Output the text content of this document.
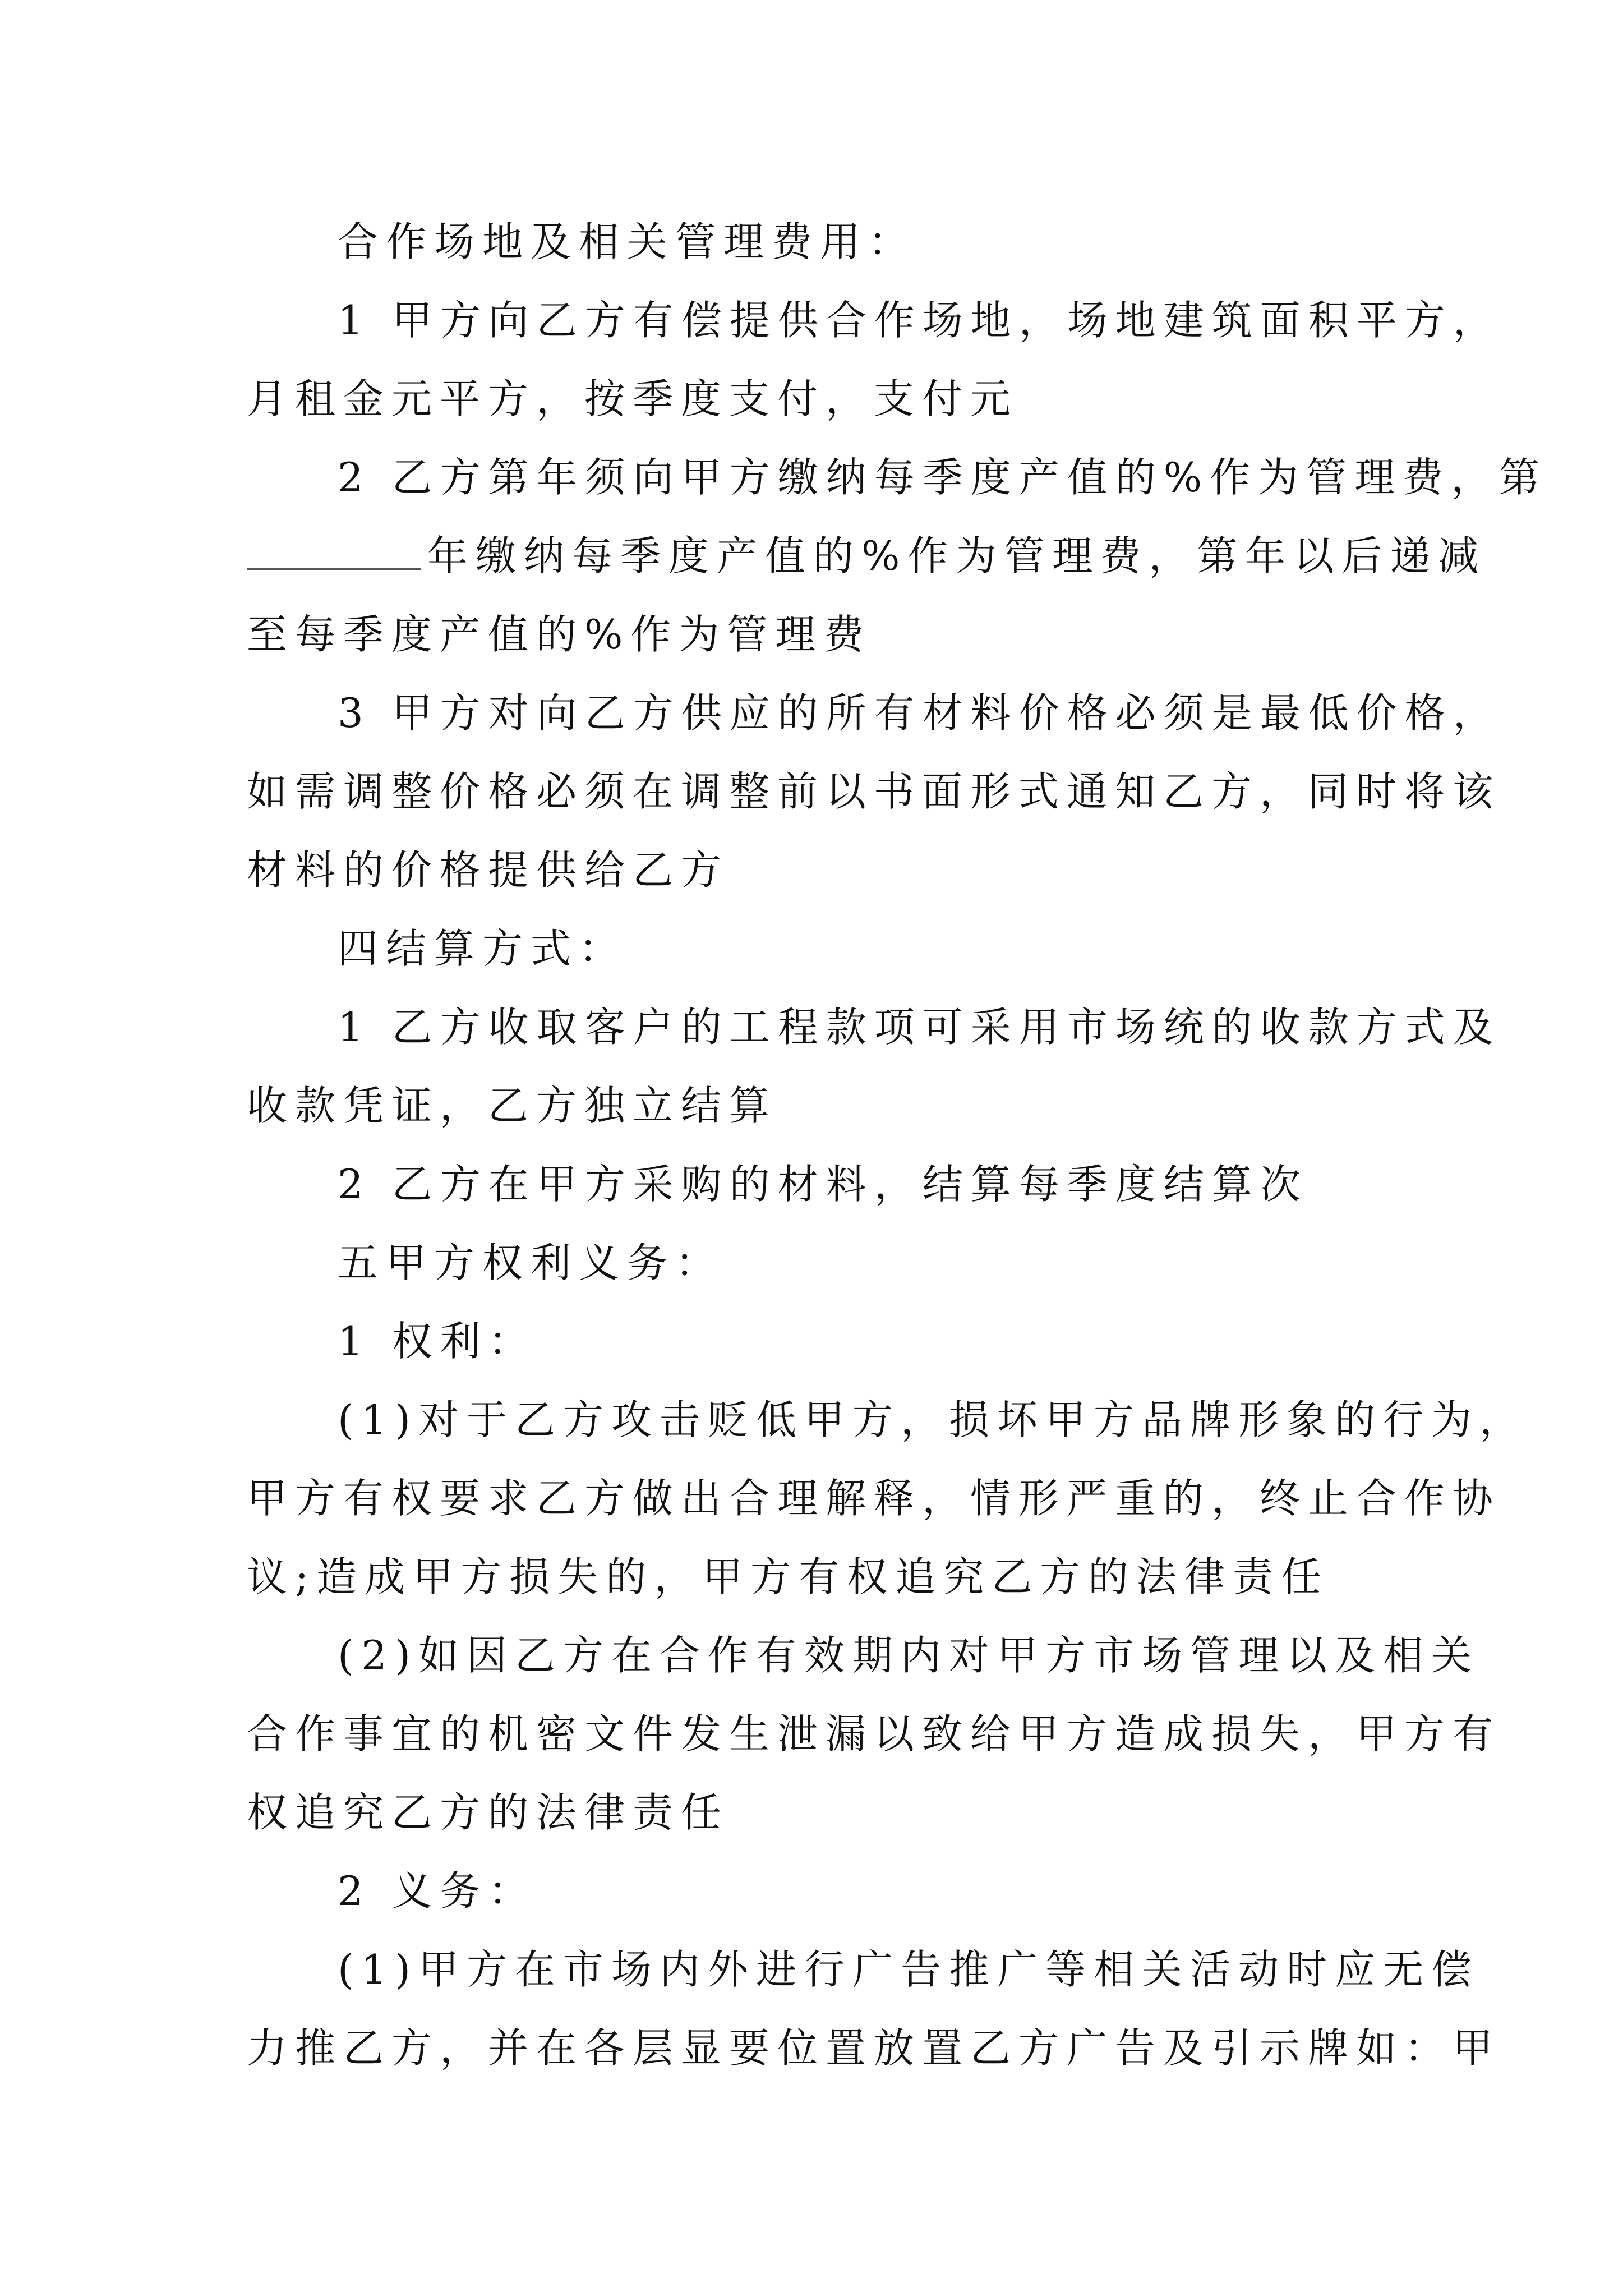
合作场地及相关管理费用：
1 甲方向乙方有偿提供合作场地，场地建筑面积平方，
月租金元平方，按季度支付，支付元
2 乙方第年须向甲方缴纳每季度产值的%作为管理费，第
年缴纳每季度产值的%作为管理费，第年以后递减
至每季度产值的%作为管理费
3 甲方对向乙方供应的所有材料价格必须是最低价格，
如需调整价格必须在调整前以书面形式通知乙方，同时将该
材料的价格提供给乙方
四结算方式：
1 乙方收取客户的工程款项可采用市场统的收款方式及
收款凭证，乙方独立结算
2 乙方在甲方采购的材料，结算每季度结算次
五甲方权利义务：
1 权利：
(1)对于乙方攻击贬低甲方，损坏甲方品牌形象的行为，
甲方有权要求乙方做出合理解释，情形严重的，终止合作协
议;造成甲方损失的，甲方有权追究乙方的法律责任
(2)如因乙方在合作有效期内对甲方市场管理以及相关
合作事宜的机密文件发生泄漏以致给甲方造成损失，甲方有
权追究乙方的法律责任
2 义务：
(1)甲方在市场内外进行广告推广等相关活动时应无偿
力推乙方，并在各层显要位置放置乙方广告及引示牌如：甲
